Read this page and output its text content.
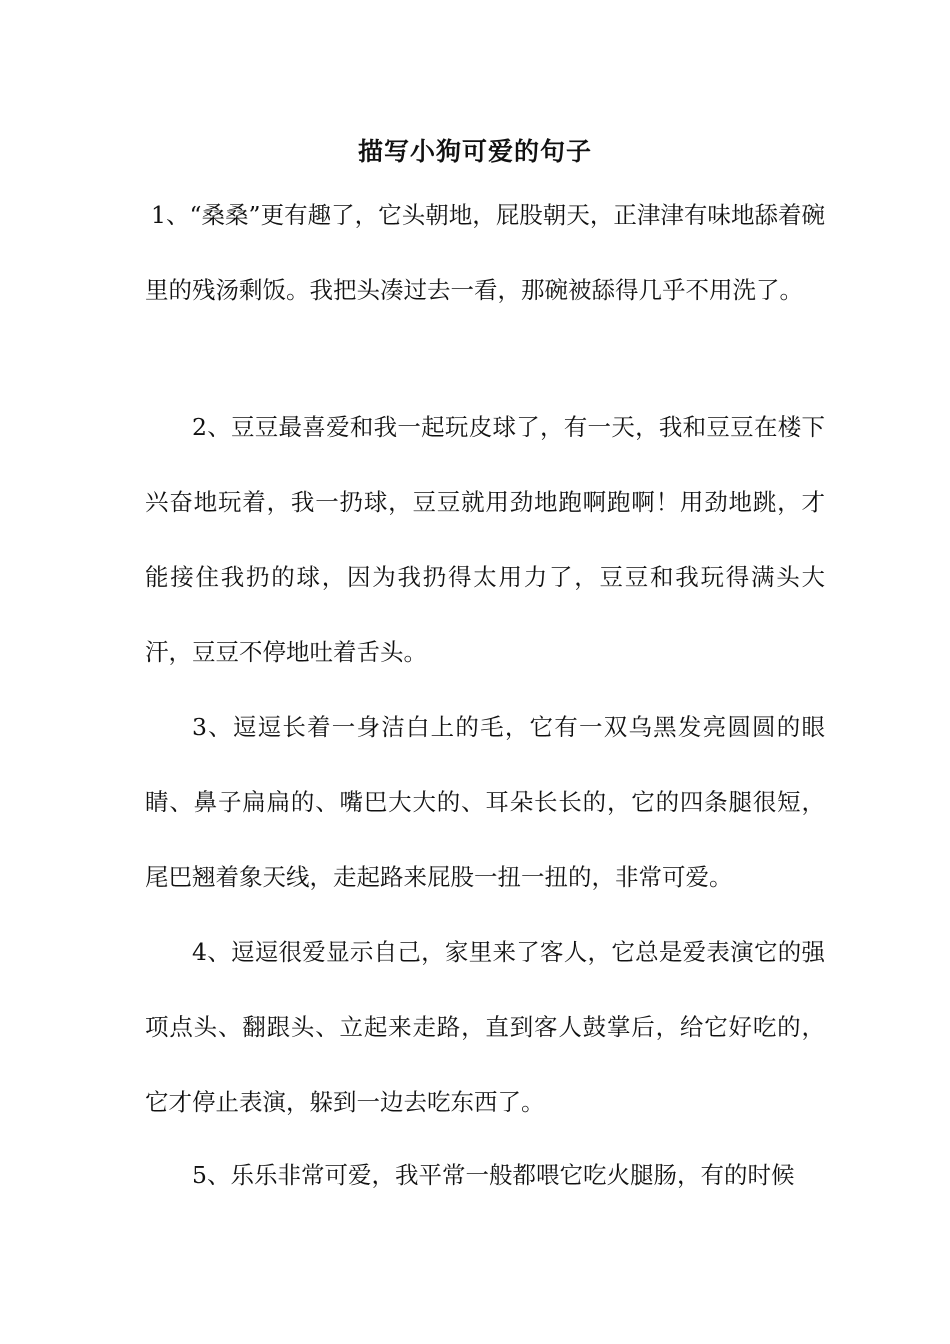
描写小狗可爱的句子

1、“桑桑”更有趣了，它头朝地，屁股朝天，正津津有味地舔着碗里的残汤剩饭。我把头凑过去一看，那碗被舔得几乎不用洗了。

2、豆豆最喜爱和我一起玩皮球了，有一天，我和豆豆在楼下兴奋地玩着，我一扔球，豆豆就用劲地跑啊跑啊！用劲地跳，才能接住我扔的球，因为我扔得太用力了，豆豆和我玩得满头大汗，豆豆不停地吐着舌头。

3、逗逗长着一身洁白上的毛，它有一双乌黑发亮圆圆的眼睛、鼻子扁扁的、嘴巴大大的、耳朵长长的，它的四条腿很短，尾巴翘着象天线，走起路来屁股一扭一扭的，非常可爱。

4、逗逗很爱显示自己，家里来了客人，它总是爱表演它的强项点头、翻跟头、立起来走路，直到客人鼓掌后，给它好吃的，它才停止表演，躲到一边去吃东西了。

5、乐乐非常可爱，我平常一般都喂它吃火腿肠，有的时候
